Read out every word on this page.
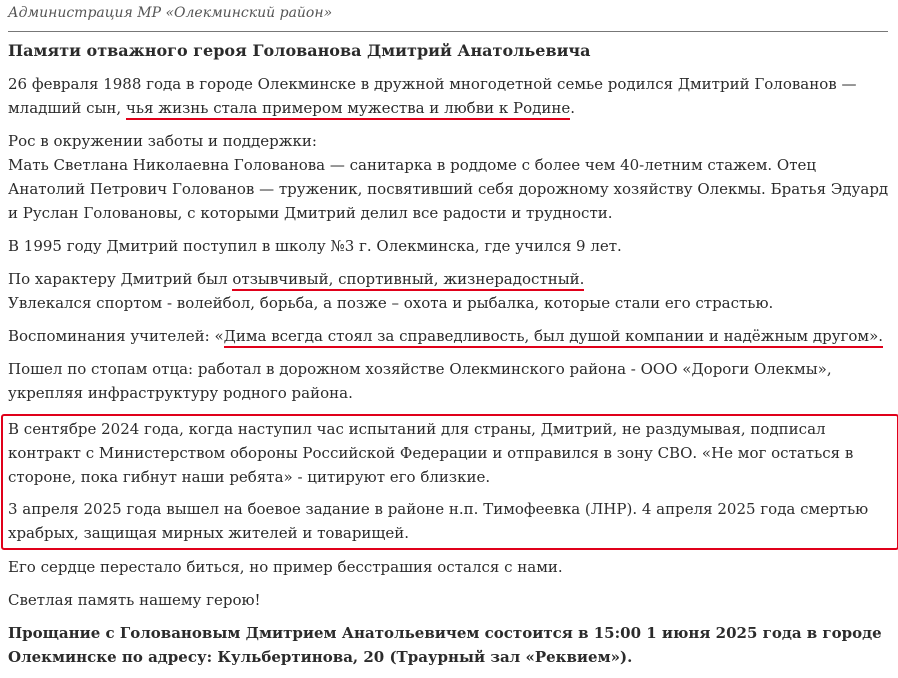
Администрация МР «Олекминский район»
Памяти отважного героя Голованова Дмитрий Анатольевича

26 февраля 1988 года в городе Олекминске в дружной многодетной семье родился Дмитрий Голованов — младший сын, чья жизнь стала примером мужества и любви к Родине.

Рос в окружении заботы и поддержки:
Мать Светлана Николаевна Голованова — санитарка в роддоме с более чем 40-летним стажем. Отец Анатолий Петрович Голованов — труженик, посвятивший себя дорожному хозяйству Олекмы. Братья Эдуард и Руслан Головановы, с которыми Дмитрий делил все радости и трудности.

В 1995 году Дмитрий поступил в школу №3 г. Олекминска, где учился 9 лет.

По характеру Дмитрий был отзывчивый, спортивный, жизнерадостный.
Увлекался спортом - волейбол, борьба, а позже – охота и рыбалка, которые стали его страстью.

Воспоминания учителей: «Дима всегда стоял за справедливость, был душой компании и надёжным другом».

Пошел по стопам отца: работал в дорожном хозяйстве Олекминского района - ООО «Дороги Олекмы», укрепляя инфраструктуру родного района.

В сентябре 2024 года, когда наступил час испытаний для страны, Дмитрий, не раздумывая, подписал контракт с Министерством обороны Российской Федерации и отправился в зону СВО. «Не мог остаться в стороне, пока гибнут наши ребята» - цитируют его близкие.

3 апреля 2025 года вышел на боевое задание в районе н.п. Тимофеевка (ЛНР). 4 апреля 2025 года смертью храбрых, защищая мирных жителей и товарищей.

Его сердце перестало биться, но пример бесстрашия остался с нами.

Светлая память нашему герою!

Прощание с Головановым Дмитрием Анатольевичем состоится в 15:00 1 июня 2025 года в городе Олекминске по адресу: Кульбертинова, 20 (Траурный зал «Реквием»).
